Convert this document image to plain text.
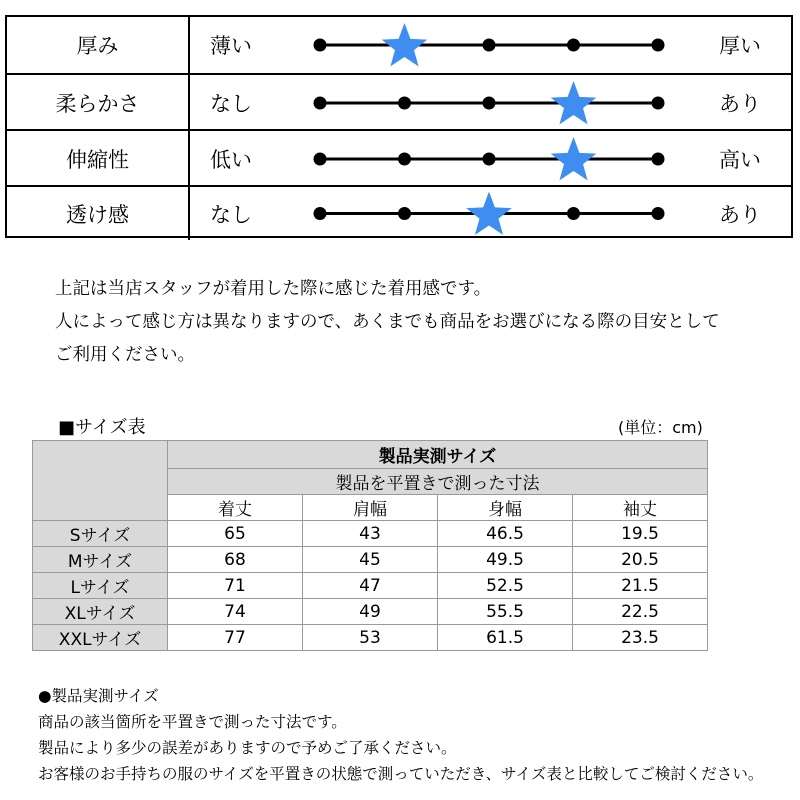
厚み	薄い	厚い
柔らかさ	なし	あり
伸縮性	低い	高い
透け感	なし	あり
上記は当店スタッフが着用した際に感じた着用感です。
人によって感じ方は異なりますので、あくまでも商品をお選びになる際の目安として
ご利用ください。
■サイズ表	(単位：cm)
	製品実測サイズ			
	製品を平置きで測った寸法			
	着丈	肩幅	身幅	袖丈
Sサイズ	65	43	46.5	19.5
Mサイズ	68	45	49.5	20.5
Lサイズ	71	47	52.5	21.5
XLサイズ	74	49	55.5	22.5
XXLサイズ	77	53	61.5	23.5
●製品実測サイズ
商品の該当箇所を平置きで測った寸法です。
製品により多少の誤差がありますので予めご了承ください。
お客様のお手持ちの服のサイズを平置きの状態で測っていただき、サイズ表と比較してご検討ください。
